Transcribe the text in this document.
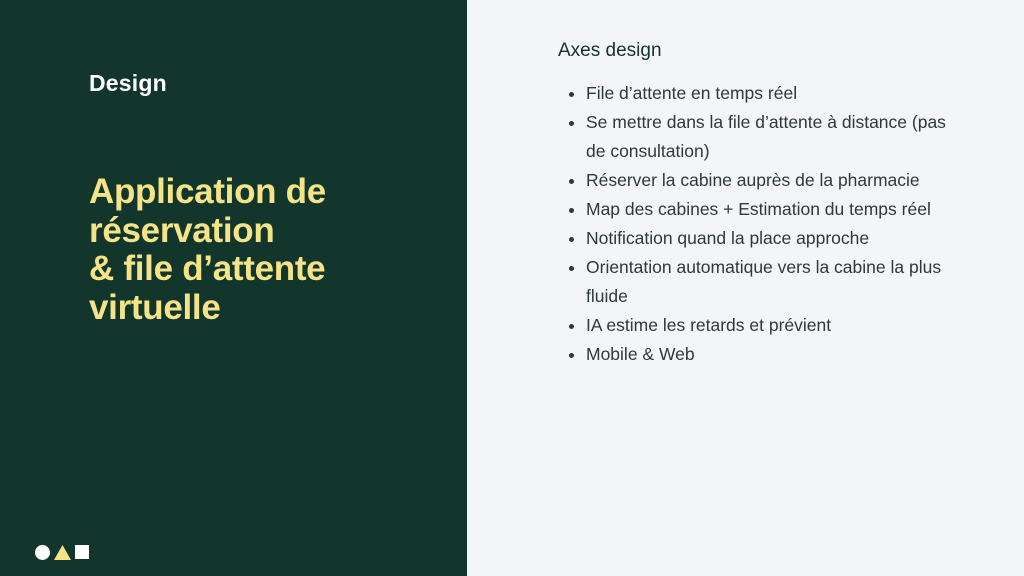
Design
Application de
réservation
& file d’attente
virtuelle
Axes design
• File d’attente en temps réel
• Se mettre dans la file d’attente à distance (pas de consultation)
• Réserver la cabine auprès de la pharmacie
• Map des cabines + Estimation du temps réel
• Notification quand la place approche
• Orientation automatique vers la cabine la plus fluide
• IA estime les retards et prévient
• Mobile & Web
